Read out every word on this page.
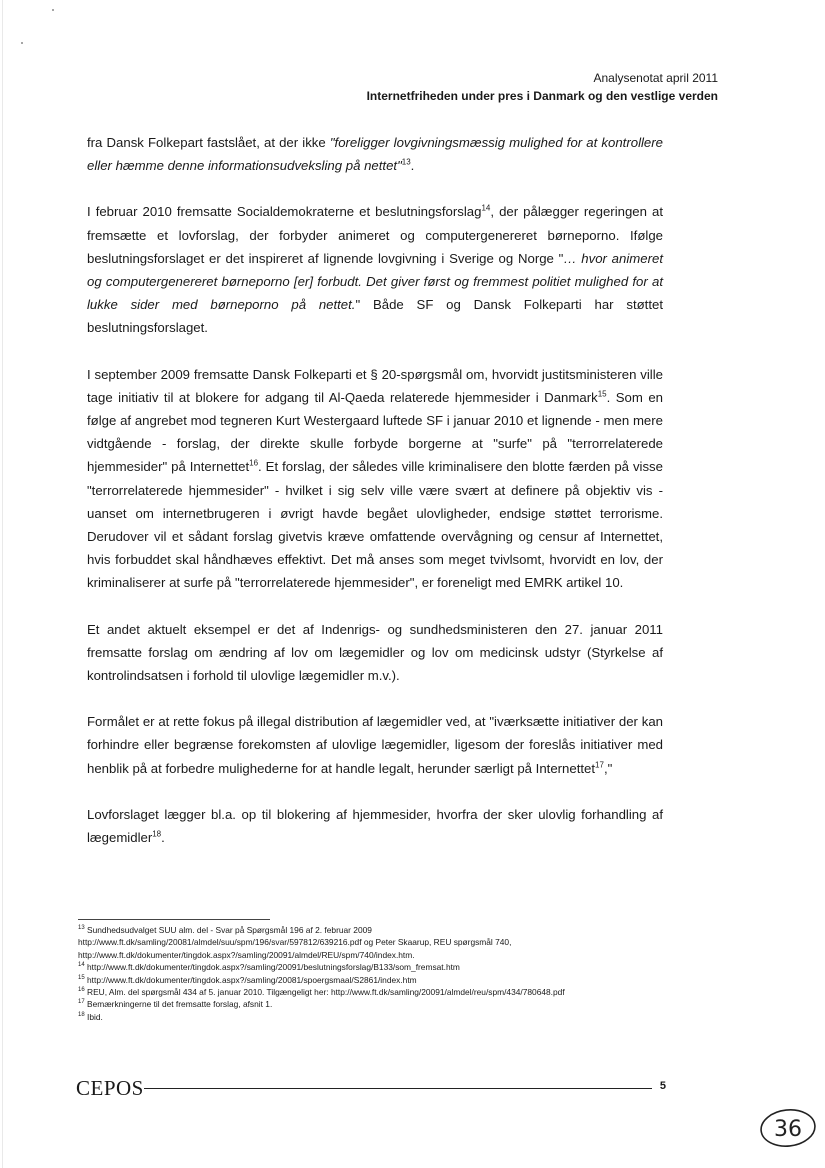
Analysenotat april 2011
Internetfriheden under pres i Danmark og den vestlige verden

fra Dansk Folkepart fastslået, at der ikke "foreligger lovgivningsmæssig mulighed for at kontrollere eller hæmme denne informationsudveksling på nettet"$^{13}$.

I februar 2010 fremsatte Socialdemokraterne et beslutningsforslag$^{14}$, der pålægger regeringen at fremsætte et lovforslag, der forbyder animeret og computergenereret børneporno. Ifølge beslutningsforslaget er det inspireret af lignende lovgivning i Sverige og Norge "… hvor animeret og computergenereret børneporno [er] forbudt. Det giver først og fremmest politiet mulighed for at lukke sider med børneporno på nettet." Både SF og Dansk Folkeparti har støttet beslutningsforslaget.

I september 2009 fremsatte Dansk Folkeparti et § 20-spørgsmål om, hvorvidt justitsministeren ville tage initiativ til at blokere for adgang til Al-Qaeda relaterede hjemmesider i Danmark$^{15}$. Som en følge af angrebet mod tegneren Kurt Westergaard luftede SF i januar 2010 et lignende - men mere vidtgående - forslag, der direkte skulle forbyde borgerne at "surfe" på "terrorrelaterede hjemmesider" på Internettet$^{16}$. Et forslag, der således ville kriminalisere den blotte færden på visse "terrorrelaterede hjemmesider" - hvilket i sig selv ville være svært at definere på objektiv vis - uanset om internetbrugeren i øvrigt havde begået ulovligheder, endsige støttet terrorisme. Derudover vil et sådant forslag givetvis kræve omfattende overvågning og censur af Internettet, hvis forbuddet skal håndhæves effektivt. Det må anses som meget tvivlsomt, hvorvidt en lov, der kriminaliserer at surfe på "terrorrelaterede hjemmesider", er foreneligt med EMRK artikel 10.

Et andet aktuelt eksempel er det af Indenrigs- og sundhedsministeren den 27. januar 2011 fremsatte forslag om ændring af lov om lægemidler og lov om medicinsk udstyr (Styrkelse af kontrolindsatsen i forhold til ulovlige lægemidler m.v.).

Formålet er at rette fokus på illegal distribution af lægemidler ved, at "iværksætte initiativer der kan forhindre eller begrænse forekomsten af ulovlige lægemidler, ligesom der foreslås initiativer med henblik på at forbedre mulighederne for at handle legalt, herunder særligt på Internettet$^{17}$,"

Lovforslaget lægger bl.a. op til blokering af hjemmesider, hvorfra der sker ulovlig forhandling af lægemidler$^{18}$.

$^{13}$ Sundhedsudvalget SUU alm. del - Svar på Spørgsmål 196 af 2. februar 2009

http://www.ft.dk/samling/20081/almdel/suu/spm/196/svar/597812/639216.pdf og Peter Skaarup, REU spørgsmål 740,

http://www.ft.dk/dokumenter/tingdok.aspx?/samling/20091/almdel/REU/spm/740/index.htm.

$^{14}$ http://www.ft.dk/dokumenter/tingdok.aspx?/samling/20091/beslutningsforslag/B133/som_fremsat.htm

$^{15}$ http://www.ft.dk/dokumenter/tingdok.aspx?/samling/20081/spoergsmaal/S2861/index.htm

$^{16}$ REU, Alm. del spørgsmål 434 af 5. januar 2010. Tilgængeligt her: http://www.ft.dk/samling/20091/almdel/reu/spm/434/780648.pdf

$^{17}$ Bemærkningerne til det fremsatte forslag, afsnit 1.

$^{18}$ Ibid.

CEPOS	5
36
